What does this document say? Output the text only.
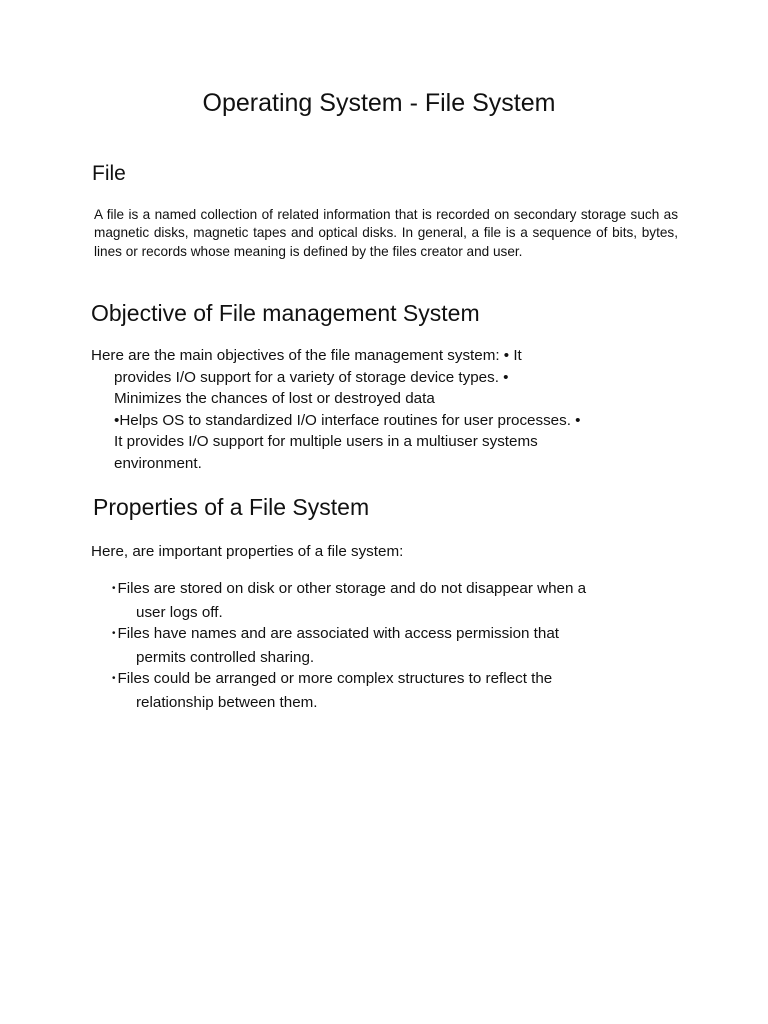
Operating System - File System
File

A file is a named collection of related information that is recorded on secondary storage such as magnetic disks, magnetic tapes and optical disks. In general, a file is a sequence of bits, bytes, lines or records whose meaning is defined by the files creator and user.

Objective of File management System
Here are the main objectives of the file management system: • It
provides I/O support for a variety of storage device types. •
Minimizes the chances of lost or destroyed data
•Helps OS to standardized I/O interface routines for user processes. •
It provides I/O support for multiple users in a multiuser systems
environment.
Properties of a File System

Here, are important properties of a file system:

• Files are stored on disk or other storage and do not disappear when a
user logs off.
• Files have names and are associated with access permission that
permits controlled sharing.
• Files could be arranged or more complex structures to reflect the
relationship between them.
